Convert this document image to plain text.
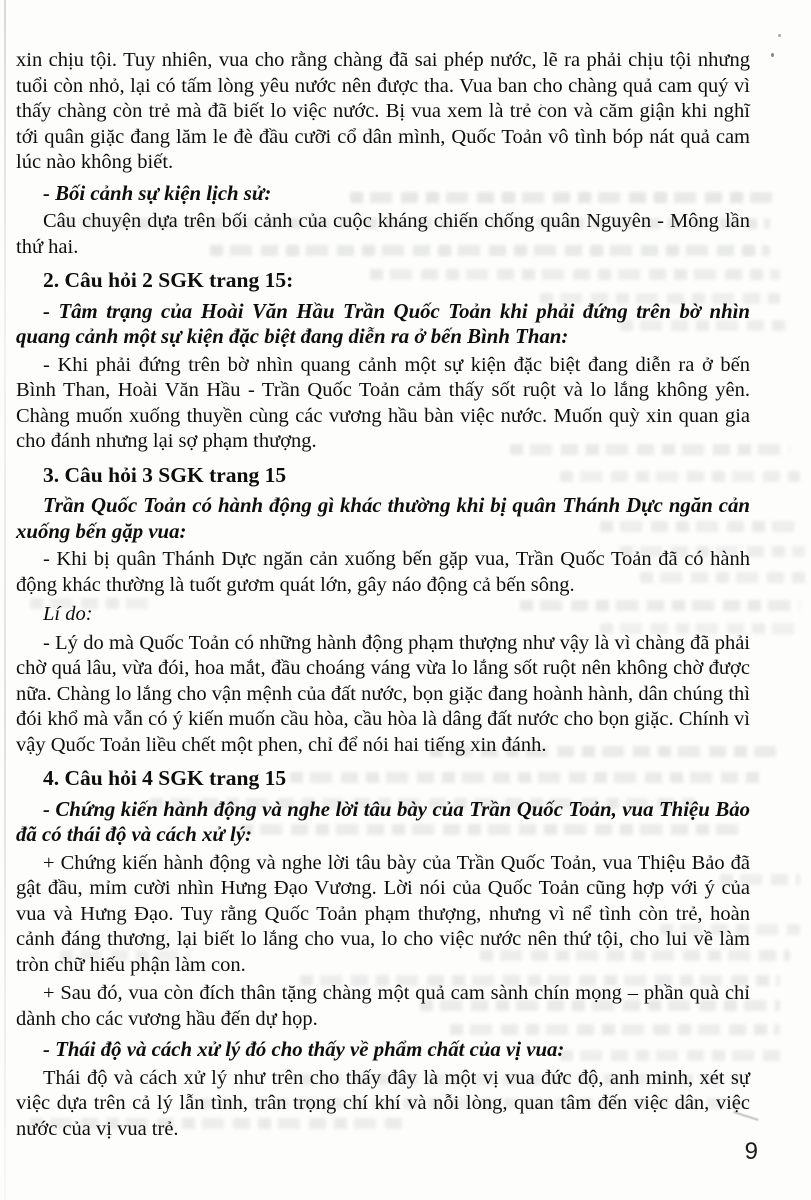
xin chịu tội. Tuy nhiên, vua cho rằng chàng đã sai phép nước, lẽ ra phải chịu tội nhưng tuổi còn nhỏ, lại có tấm lòng yêu nước nên được tha. Vua ban cho chàng quả cam quý vì thấy chàng còn trẻ mà đã biết lo việc nước. Bị vua xem là trẻ con và căm giận khi nghĩ tới quân giặc đang lăm le đè đầu cưỡi cổ dân mình, Quốc Toản vô tình bóp nát quả cam lúc nào không biết.
- Bối cảnh sự kiện lịch sử:
Câu chuyện dựa trên bối cảnh của cuộc kháng chiến chống quân Nguyên - Mông lần thứ hai.
2. Câu hỏi 2 SGK trang 15:
- Tâm trạng của Hoài Văn Hầu Trần Quốc Toản khi phải đứng trên bờ nhìn quang cảnh một sự kiện đặc biệt đang diễn ra ở bến Bình Than:
- Khi phải đứng trên bờ nhìn quang cảnh một sự kiện đặc biệt đang diễn ra ở bến Bình Than, Hoài Văn Hầu - Trần Quốc Toản cảm thấy sốt ruột và lo lắng không yên. Chàng muốn xuống thuyền cùng các vương hầu bàn việc nước. Muốn quỳ xin quan gia cho đánh nhưng lại sợ phạm thượng.
3. Câu hỏi 3 SGK trang 15
Trần Quốc Toản có hành động gì khác thường khi bị quân Thánh Dực ngăn cản xuống bến gặp vua:
- Khi bị quân Thánh Dực ngăn cản xuống bến gặp vua, Trần Quốc Toản đã có hành động khác thường là tuốt gươm quát lớn, gây náo động cả bến sông.
Lí do:
- Lý do mà Quốc Toản có những hành động phạm thượng như vậy là vì chàng đã phải chờ quá lâu, vừa đói, hoa mắt, đầu choáng váng vừa lo lắng sốt ruột nên không chờ được nữa. Chàng lo lắng cho vận mệnh của đất nước, bọn giặc đang hoành hành, dân chúng thì đói khổ mà vẫn có ý kiến muốn cầu hòa, cầu hòa là dâng đất nước cho bọn giặc. Chính vì vậy Quốc Toản liều chết một phen, chỉ để nói hai tiếng xin đánh.
4. Câu hỏi 4 SGK trang 15
- Chứng kiến hành động và nghe lời tâu bày của Trần Quốc Toản, vua Thiệu Bảo đã có thái độ và cách xử lý:
+ Chứng kiến hành động và nghe lời tâu bày của Trần Quốc Toản, vua Thiệu Bảo đã gật đầu, mỉm cười nhìn Hưng Đạo Vương. Lời nói của Quốc Toản cũng hợp với ý của vua và Hưng Đạo. Tuy rằng Quốc Toản phạm thượng, nhưng vì nể tình còn trẻ, hoàn cảnh đáng thương, lại biết lo lắng cho vua, lo cho việc nước nên thứ tội, cho lui về làm tròn chữ hiếu phận làm con.
+ Sau đó, vua còn đích thân tặng chàng một quả cam sành chín mọng – phần quà chỉ dành cho các vương hầu đến dự họp.
- Thái độ và cách xử lý đó cho thấy về phẩm chất của vị vua:
Thái độ và cách xử lý như trên cho thấy đây là một vị vua đức độ, anh minh, xét sự việc dựa trên cả lý lẫn tình, trân trọng chí khí và nỗi lòng, quan tâm đến việc dân, việc nước của vị vua trẻ.
9
